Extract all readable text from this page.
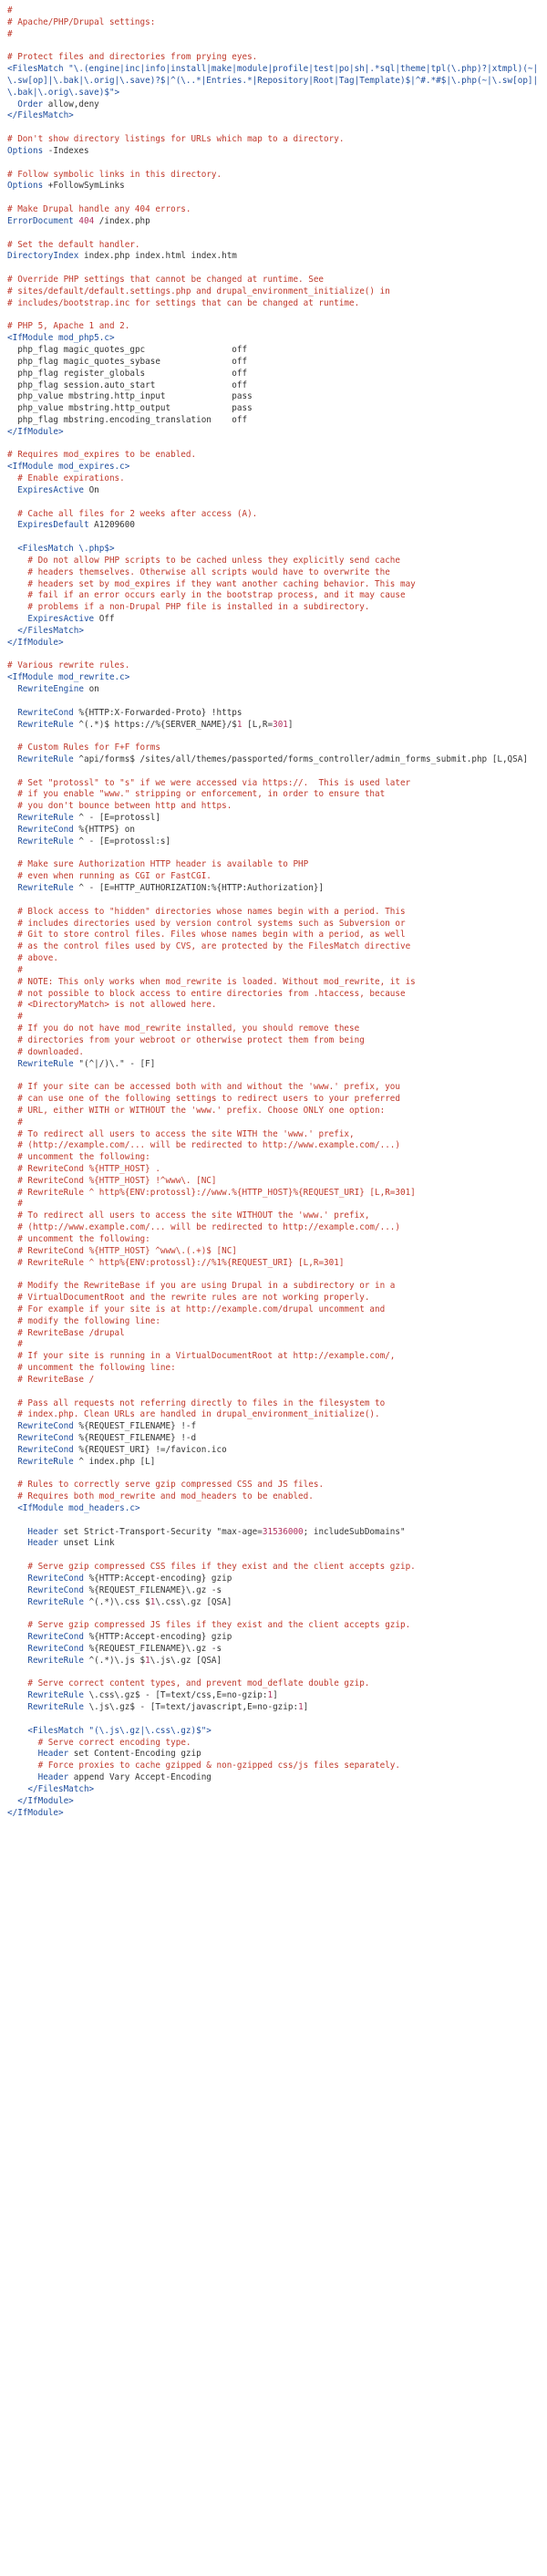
#
# Apache/PHP/Drupal settings:
#
# Protect files and directories from prying eyes.
<FilesMatch "\.(engine|inc|info|install|make|module|profile|test|po|sh|.*sql|theme|tpl(\.php)?|xtmpl)(~|\.sw[op]|\.bak|\.orig|\.save)?$|^(\..*|Entries.*|Repository|Root|Tag|Template)$|^#.*#$|\.php(~|\.sw[op]|\.bak|\.orig\.save)$">
Order allow,deny
</FilesMatch>
# Don't show directory listings for URLs which map to a directory.
Options -Indexes
# Follow symbolic links in this directory.
Options +FollowSymLinks
# Make Drupal handle any 404 errors.
ErrorDocument 404 /index.php
# Set the default handler.
DirectoryIndex index.php index.html index.htm
# Override PHP settings that cannot be changed at runtime. See
# sites/default/default.settings.php and drupal_environment_initialize() in
# includes/bootstrap.inc for settings that can be changed at runtime.
# PHP 5, Apache 1 and 2.
<IfModule mod_php5.c>
php_flag magic_quotes_gpc                 off
php_flag magic_quotes_sybase              off
php_flag register_globals                 off
php_flag session.auto_start               off
php_value mbstring.http_input             pass
php_value mbstring.http_output            pass
php_flag mbstring.encoding_translation    off
</IfModule>
# Requires mod_expires to be enabled.
<IfModule mod_expires.c>
# Enable expirations.
ExpiresActive On
# Cache all files for 2 weeks after access (A).
ExpiresDefault A1209600
<FilesMatch \.php$>
# Do not allow PHP scripts to be cached unless they explicitly send cache
# headers themselves. Otherwise all scripts would have to overwrite the
# headers set by mod_expires if they want another caching behavior. This may
# fail if an error occurs early in the bootstrap process, and it may cause
# problems if a non-Drupal PHP file is installed in a subdirectory.
ExpiresActive Off
</FilesMatch>
</IfModule>
# Various rewrite rules.
<IfModule mod_rewrite.c>
RewriteEngine on
RewriteCond %{HTTP:X-Forwarded-Proto} !https
RewriteRule ^(.*)$ https://%{SERVER_NAME}/$1 [L,R=301]
# Custom Rules for F+F forms
RewriteRule ^api/forms$ /sites/all/themes/passported/forms_controller/admin_forms_submit.php [L,QSA]
# Set "protossl" to "s" if we were accessed via https://.  This is used later
# if you enable "www." stripping or enforcement, in order to ensure that
# you don't bounce between http and https.
RewriteRule ^ - [E=protossl]
RewriteCond %{HTTPS} on
RewriteRule ^ - [E=protossl:s]
# Make sure Authorization HTTP header is available to PHP
# even when running as CGI or FastCGI.
RewriteRule ^ - [E=HTTP_AUTHORIZATION:%{HTTP:Authorization}]
# Block access to "hidden" directories whose names begin with a period. This
# includes directories used by version control systems such as Subversion or
# Git to store control files. Files whose names begin with a period, as well
# as the control files used by CVS, are protected by the FilesMatch directive
# above.
#
# NOTE: This only works when mod_rewrite is loaded. Without mod_rewrite, it is
# not possible to block access to entire directories from .htaccess, because
# <DirectoryMatch> is not allowed here.
#
# If you do not have mod_rewrite installed, you should remove these
# directories from your webroot or otherwise protect them from being
# downloaded.
RewriteRule "(^|/)\." - [F]
# If your site can be accessed both with and without the 'www.' prefix, you
# can use one of the following settings to redirect users to your preferred
# URL, either WITH or WITHOUT the 'www.' prefix. Choose ONLY one option:
#
# To redirect all users to access the site WITH the 'www.' prefix,
# (http://example.com/... will be redirected to http://www.example.com/...)
# uncomment the following:
# RewriteCond %{HTTP_HOST} .
# RewriteCond %{HTTP_HOST} !^www\. [NC]
# RewriteRule ^ http%{ENV:protossl}://www.%{HTTP_HOST}%{REQUEST_URI} [L,R=301]
#
# To redirect all users to access the site WITHOUT the 'www.' prefix,
# (http://www.example.com/... will be redirected to http://example.com/...)
# uncomment the following:
# RewriteCond %{HTTP_HOST} ^www\.(.+)$ [NC]
# RewriteRule ^ http%{ENV:protossl}://%1%{REQUEST_URI} [L,R=301]
# Modify the RewriteBase if you are using Drupal in a subdirectory or in a
# VirtualDocumentRoot and the rewrite rules are not working properly.
# For example if your site is at http://example.com/drupal uncomment and
# modify the following line:
# RewriteBase /drupal
#
# If your site is running in a VirtualDocumentRoot at http://example.com/,
# uncomment the following line:
# RewriteBase /
# Pass all requests not referring directly to files in the filesystem to
# index.php. Clean URLs are handled in drupal_environment_initialize().
RewriteCond %{REQUEST_FILENAME} !-f
RewriteCond %{REQUEST_FILENAME} !-d
RewriteCond %{REQUEST_URI} !=/favicon.ico
RewriteRule ^ index.php [L]
# Rules to correctly serve gzip compressed CSS and JS files.
# Requires both mod_rewrite and mod_headers to be enabled.
<IfModule mod_headers.c>
Header set Strict-Transport-Security "max-age=31536000; includeSubDomains"
Header unset Link
# Serve gzip compressed CSS files if they exist and the client accepts gzip.
RewriteCond %{HTTP:Accept-encoding} gzip
RewriteCond %{REQUEST_FILENAME}\.gz -s
RewriteRule ^(.*)\.css $1\.css\.gz [QSA]
# Serve gzip compressed JS files if they exist and the client accepts gzip.
RewriteCond %{HTTP:Accept-encoding} gzip
RewriteCond %{REQUEST_FILENAME}\.gz -s
RewriteRule ^(.*)\.js $1\.js\.gz [QSA]
# Serve correct content types, and prevent mod_deflate double gzip.
RewriteRule \.css\.gz$ - [T=text/css,E=no-gzip:1]
RewriteRule \.js\.gz$ - [T=text/javascript,E=no-gzip:1]
<FilesMatch "(\.js\.gz|\.css\.gz)$">
# Serve correct encoding type.
Header set Content-Encoding gzip
# Force proxies to cache gzipped & non-gzipped css/js files separately.
Header append Vary Accept-Encoding
</FilesMatch>
</IfModule>
</IfModule>
